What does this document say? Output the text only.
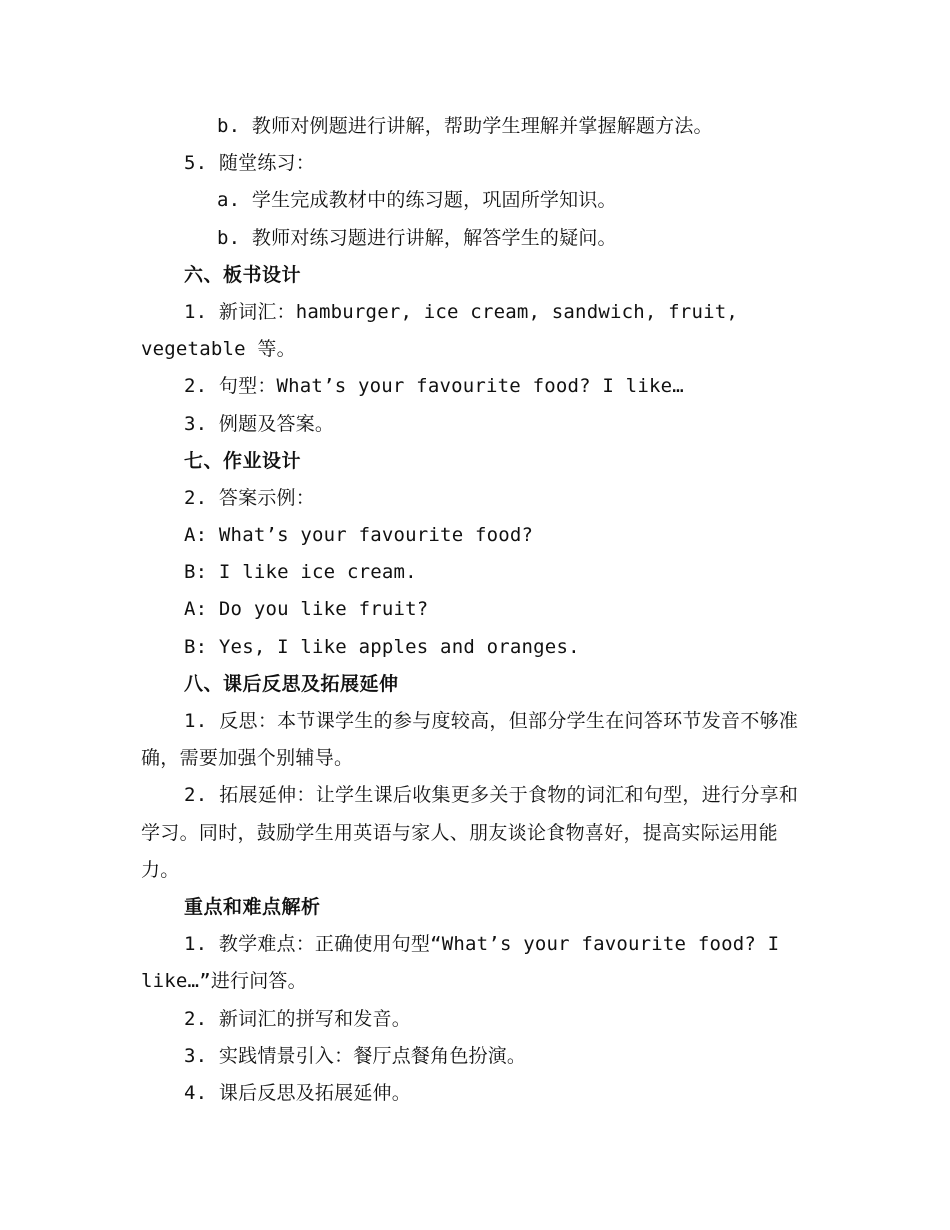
b. 教师对例题进行讲解，帮助学生理解并掌握解题方法。
5. 随堂练习：
a. 学生完成教材中的练习题，巩固所学知识。
b. 教师对练习题进行讲解，解答学生的疑问。
六、板书设计
1. 新词汇：hamburger, ice cream, sandwich, fruit,
vegetable 等。
2. 句型：What’s your favourite food? I like…
3. 例题及答案。
七、作业设计
2. 答案示例：
A: What’s your favourite food?
B: I like ice cream.
A: Do you like fruit?
B: Yes, I like apples and oranges.
八、课后反思及拓展延伸
1. 反思：本节课学生的参与度较高，但部分学生在问答环节发音不够准确，需要加强个别辅导。
2. 拓展延伸：让学生课后收集更多关于食物的词汇和句型，进行分享和学习。同时，鼓励学生用英语与家人、朋友谈论食物喜好，提高实际运用能力。
重点和难点解析
1. 教学难点：正确使用句型“What’s your favourite food? I
like…”进行问答。
2. 新词汇的拼写和发音。
3. 实践情景引入：餐厅点餐角色扮演。
4. 课后反思及拓展延伸。
